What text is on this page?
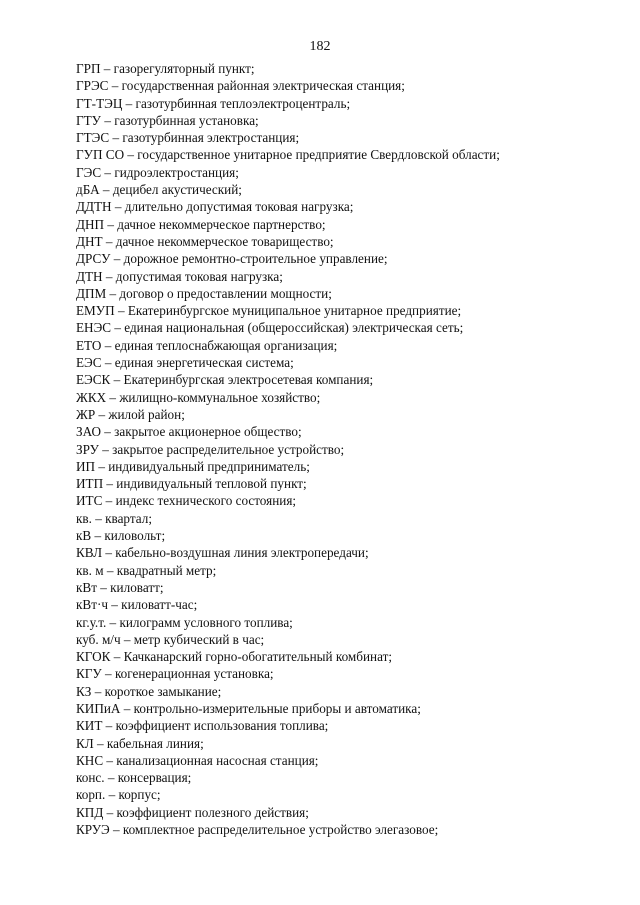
182
ГРП – газорегуляторный пункт;
ГРЭС – государственная районная электрическая станция;
ГТ-ТЭЦ – газотурбинная теплоэлектроцентраль;
ГТУ – газотурбинная установка;
ГТЭС – газотурбинная электростанция;
ГУП СО – государственное унитарное предприятие Свердловской области;
ГЭС – гидроэлектростанция;
дБА – децибел акустический;
ДДТН – длительно допустимая токовая нагрузка;
ДНП – дачное некоммерческое партнерство;
ДНТ – дачное некоммерческое товарищество;
ДРСУ – дорожное ремонтно-строительное управление;
ДТН – допустимая токовая нагрузка;
ДПМ – договор о предоставлении мощности;
ЕМУП – Екатеринбургское муниципальное унитарное предприятие;
ЕНЭС – единая национальная (общероссийская) электрическая сеть;
ЕТО – единая теплоснабжающая организация;
ЕЭС – единая энергетическая система;
ЕЭСК – Екатеринбургская электросетевая компания;
ЖКХ – жилищно-коммунальное хозяйство;
ЖР – жилой район;
ЗАО – закрытое акционерное общество;
ЗРУ – закрытое распределительное устройство;
ИП – индивидуальный предприниматель;
ИТП – индивидуальный тепловой пункт;
ИТС – индекс технического состояния;
кв. – квартал;
кВ – киловольт;
КВЛ – кабельно-воздушная линия электропередачи;
кв. м – квадратный метр;
кВт – киловатт;
кВт·ч – киловатт-час;
кг.у.т. – килограмм условного топлива;
куб. м/ч – метр кубический в час;
КГОК – Качканарский горно-обогатительный комбинат;
КГУ – когенерационная установка;
КЗ – короткое замыкание;
КИПиА – контрольно-измерительные приборы и автоматика;
КИТ – коэффициент использования топлива;
КЛ – кабельная линия;
КНС – канализационная насосная станция;
конс. – консервация;
корп. – корпус;
КПД – коэффициент полезного действия;
КРУЭ – комплектное распределительное устройство элегазовое;
